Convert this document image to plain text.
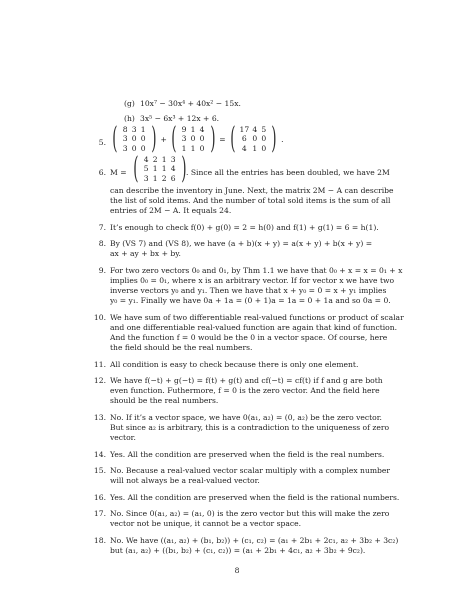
(g) 10x⁷ − 30x⁴ + 40x² − 15x.
(h) 3x⁵ − 6x³ + 12x + 6.
5. ( 8 3 1
3 0 0
3 0 0 ) + ( 9 1 4
3 0 0
1 1 0 ) = ( 17 4 5
6 0 0
4 1 0 ) .
6. M = ( 4 2 1 3
5 1 1 4
3 1 2 6 ) . Since all the entries has been doubled, we have 2M
can describe the inventory in June. Next, the matrix 2M − A can describe
the list of sold items. And the number of total sold items is the sum of all
entries of 2M − A. It equals 24.
7. It’s enough to check f(0) + g(0) = 2 = h(0) and f(1) + g(1) = 6 = h(1).
8. By (VS 7) and (VS 8), we have (a + b)(x + y) = a(x + y) + b(x + y) =
ax + ay + bx + by.
9. For two zero vectors 0₀ and 0₁, by Thm 1.1 we have that 0₀ + x = x = 0₁ + x
implies 0₀ = 0₁, where x is an arbitrary vector. If for vector x we have two
inverse vectors y₀ and y₁. Then we have that x + y₀ = 0 = x + y₁ implies
y₀ = y₁. Finally we have 0a + 1a = (0 + 1)a = 1a = 0 + 1a and so 0a = 0.
10. We have sum of two differentiable real-valued functions or product of scalar
and one differentiable real-valued function are again that kind of function.
And the function f = 0 would be the 0 in a vector space. Of course, here
the field should be the real numbers.
11. All condition is easy to check because there is only one element.
12. We have f(−t) + g(−t) = f(t) + g(t) and cf(−t) = cf(t) if f and g are both
even function. Futhermore, f = 0 is the zero vector. And the field here
should be the real numbers.
13. No. If it’s a vector space, we have 0(a₁, a₂) = (0, a₂) be the zero vector.
But since a₂ is arbitrary, this is a contradiction to the uniqueness of zero
vector.
14. Yes. All the condition are preserved when the field is the real numbers.
15. No. Because a real-valued vector scalar multiply with a complex number
will not always be a real-valued vector.
16. Yes. All the condition are preserved when the field is the rational numbers.
17. No. Since 0(a₁, a₂) = (a₁, 0) is the zero vector but this will make the zero
vector not be unique, it cannot be a vector space.
18. No. We have ((a₁, a₂) + (b₁, b₂)) + (c₁, c₂) = (a₁ + 2b₁ + 2c₁, a₂ + 3b₂ + 3c₂)
but (a₁, a₂) + ((b₁, b₂) + (c₁, c₂)) = (a₁ + 2b₁ + 4c₁, a₂ + 3b₂ + 9c₂).
8
